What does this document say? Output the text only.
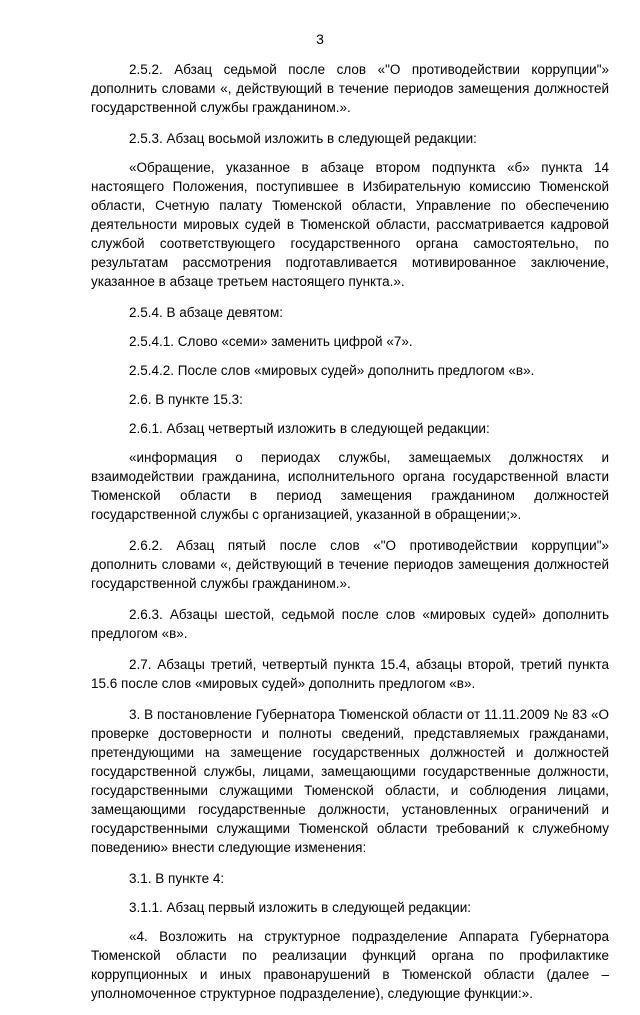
3

2.5.2. Абзац седьмой после слов «"О противодействии коррупции"» дополнить словами «, действующий в течение периодов замещения должностей государственной службы гражданином.».

2.5.3. Абзац восьмой изложить в следующей редакции:

«Обращение, указанное в абзаце втором подпункта «б» пункта 14 настоящего Положения, поступившее в Избирательную комиссию Тюменской области, Счетную палату Тюменской области, Управление по обеспечению деятельности мировых судей в Тюменской области, рассматривается кадровой службой соответствующего государственного органа самостоятельно, по результатам рассмотрения подготавливается мотивированное заключение, указанное в абзаце третьем настоящего пункта.».

2.5.4. В абзаце девятом:

2.5.4.1. Слово «семи» заменить цифрой «7».

2.5.4.2. После слов «мировых судей» дополнить предлогом «в».

2.6. В пункте 15.3:

2.6.1. Абзац четвертый изложить в следующей редакции:

«информация о периодах службы, замещаемых должностях и взаимодействии гражданина, исполнительного органа государственной власти Тюменской области в период замещения гражданином должностей государственной службы с организацией, указанной в обращении;».

2.6.2. Абзац пятый после слов «"О противодействии коррупции"» дополнить словами «, действующий в течение периодов замещения должностей государственной службы гражданином.».

2.6.3. Абзацы шестой, седьмой после слов «мировых судей» дополнить предлогом «в».

2.7. Абзацы третий, четвертый пункта 15.4, абзацы второй, третий пункта 15.6 после слов «мировых судей» дополнить предлогом «в».

3. В постановление Губернатора Тюменской области от 11.11.2009 № 83 «О проверке достоверности и полноты сведений, представляемых гражданами, претендующими на замещение государственных должностей и должностей государственной службы, лицами, замещающими государственные должности, государственными служащими Тюменской области, и соблюдения лицами, замещающими государственные должности, установленных ограничений и государственными служащими Тюменской области требований к служебному поведению» внести следующие изменения:

3.1. В пункте 4:

3.1.1. Абзац первый изложить в следующей редакции:

«4. Возложить на структурное подразделение Аппарата Губернатора Тюменской области по реализации функций органа по профилактике коррупционных и иных правонарушений в Тюменской области (далее – уполномоченное структурное подразделение), следующие функции:».
